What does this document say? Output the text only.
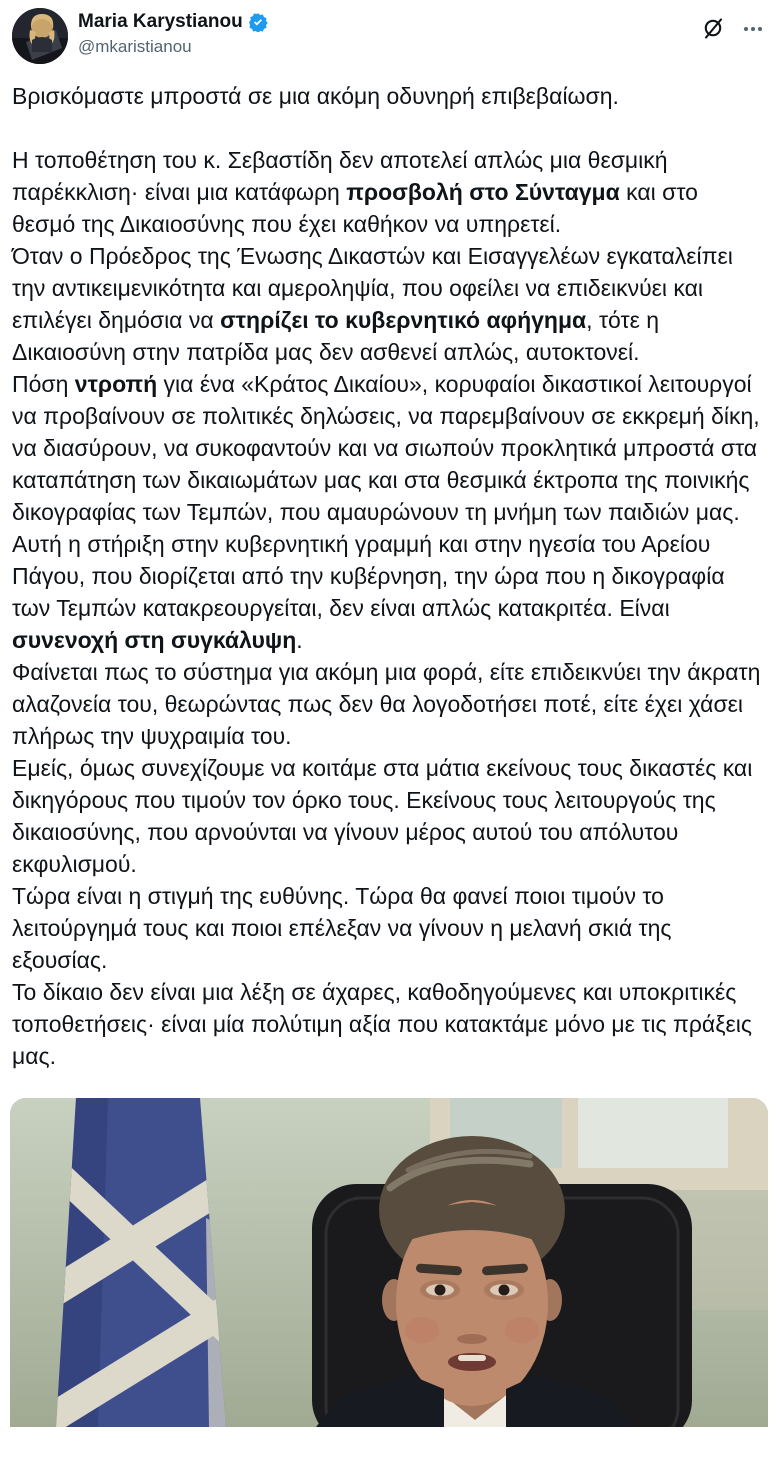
Maria Karystianou
@mkaristianou

Βρισκόμαστε μπροστά σε μια ακόμη οδυνηρή επιβεβαίωση.

Η τοποθέτηση του κ. Σεβαστίδη δεν αποτελεί απλώς μια θεσμική παρέκκλιση· είναι μια κατάφωρη προσβολή στο Σύνταγμα και στο θεσμό της Δικαιοσύνης που έχει καθήκον να υπηρετεί.

Όταν ο Πρόεδρος της Ένωσης Δικαστών και Εισαγγελέων εγκαταλείπει την αντικειμενικότητα και αμεροληψία, που οφείλει να επιδεικνύει και επιλέγει δημόσια να στηρίζει το κυβερνητικό αφήγημα, τότε η Δικαιοσύνη στην πατρίδα μας δεν ασθενεί απλώς, αυτοκτονεί.

Πόση ντροπή για ένα «Κράτος Δικαίου», κορυφαίοι δικαστικοί λειτουργοί να προβαίνουν σε πολιτικές δηλώσεις, να παρεμβαίνουν σε εκκρεμή δίκη, να διασύρουν, να συκοφαντούν και να σιωπούν προκλητικά μπροστά στα καταπάτηση των δικαιωμάτων μας και στα θεσμικά έκτροπα της ποινικής δικογραφίας των Τεμπών, που αμαυρώνουν τη μνήμη των παιδιών μας.

Αυτή η στήριξη στην κυβερνητική γραμμή και στην ηγεσία του Αρείου Πάγου, που διορίζεται από την κυβέρνηση, την ώρα που η δικογραφία των Τεμπών κατακρεουργείται, δεν είναι απλώς κατακριτέα. Είναι συνενοχή στη συγκάλυψη.

Φαίνεται πως το σύστημα για ακόμη μια φορά, είτε επιδεικνύει την άκρατη αλαζονεία του, θεωρώντας πως δεν θα λογοδοτήσει ποτέ, είτε έχει χάσει πλήρως την ψυχραιμία του.

Εμείς, όμως συνεχίζουμε να κοιτάμε στα μάτια εκείνους τους δικαστές και δικηγόρους που τιμούν τον όρκο τους. Εκείνους τους λειτουργούς της δικαιοσύνης, που αρνούνται να γίνουν μέρος αυτού του απόλυτου εκφυλισμού.

Τώρα είναι η στιγμή της ευθύνης. Τώρα θα φανεί ποιοι τιμούν το λειτούργημά τους και ποιοι επέλεξαν να γίνουν η μελανή σκιά της εξουσίας.

Το δίκαιο δεν είναι μια λέξη σε άχαρες, καθοδηγούμενες και υποκριτικές τοποθετήσεις· είναι μία πολύτιμη αξία που κατακτάμε μόνο με τις πράξεις μας.
